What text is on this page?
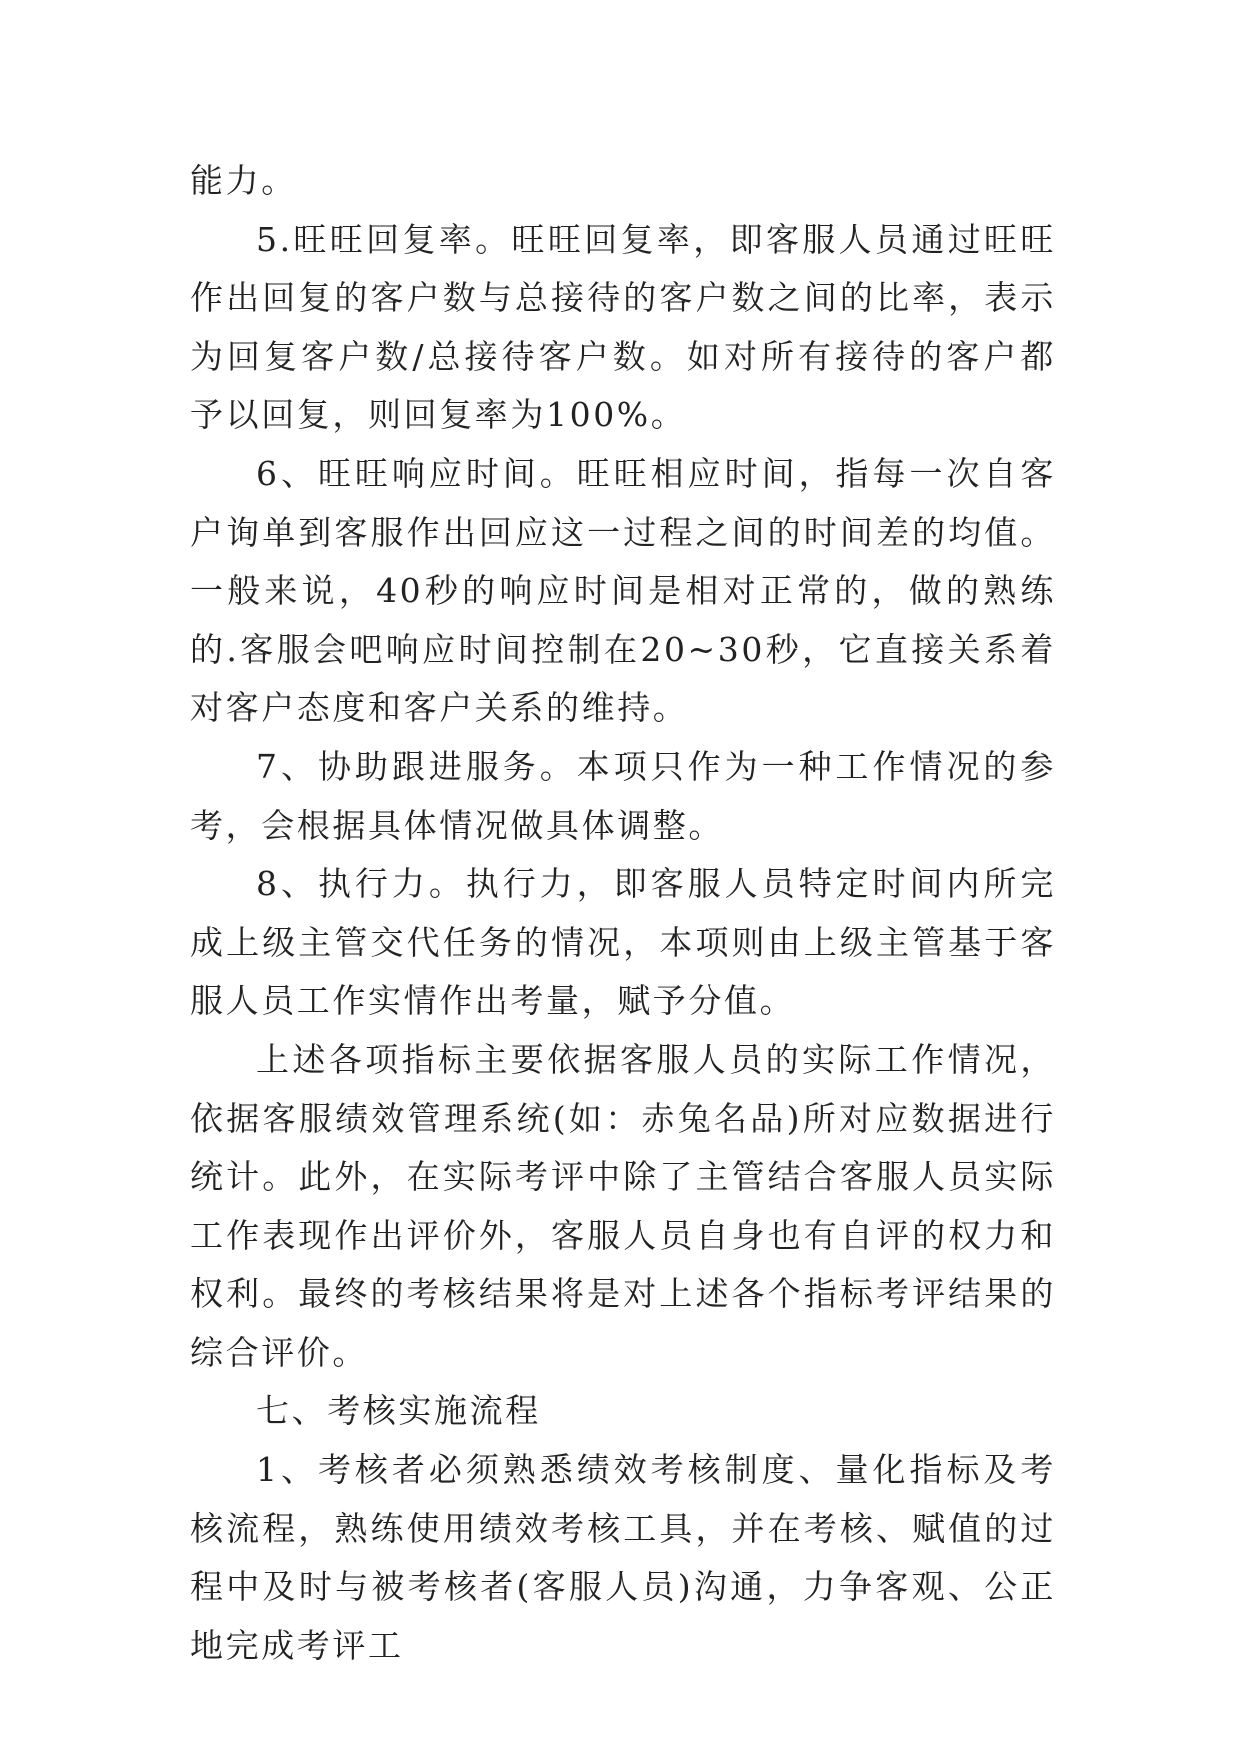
能力。

5.旺旺回复率。旺旺回复率，即客服人员通过旺旺作出回复的客户数与总接待的客户数之间的比率，表示为回复客户数/总接待客户数。如对所有接待的客户都予以回复，则回复率为100%。

6、旺旺响应时间。旺旺相应时间，指每一次自客户询单到客服作出回应这一过程之间的时间差的均值。一般来说，40秒的响应时间是相对正常的，做的熟练的.客服会吧响应时间控制在20~30秒，它直接关系着对客户态度和客户关系的维持。

7、协助跟进服务。本项只作为一种工作情况的参考，会根据具体情况做具体调整。

8、执行力。执行力，即客服人员特定时间内所完成上级主管交代任务的情况，本项则由上级主管基于客服人员工作实情作出考量，赋予分值。

上述各项指标主要依据客服人员的实际工作情况，依据客服绩效管理系统(如：赤兔名品)所对应数据进行统计。此外，在实际考评中除了主管结合客服人员实际工作表现作出评价外，客服人员自身也有自评的权力和权利。最终的考核结果将是对上述各个指标考评结果的综合评价。

七、考核实施流程

1、考核者必须熟悉绩效考核制度、量化指标及考核流程，熟练使用绩效考核工具，并在考核、赋值的过程中及时与被考核者(客服人员)沟通，力争客观、公正地完成考评工
